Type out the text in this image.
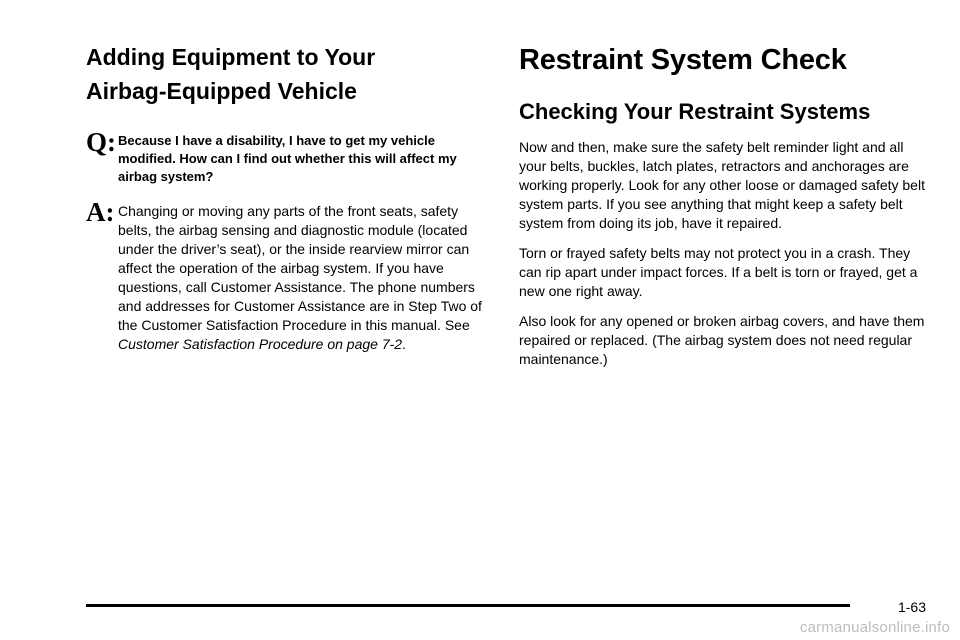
Adding Equipment to Your
Airbag-Equipped Vehicle
Q: Because I have a disability, I have to get my vehicle modified. How can I find out whether this will affect my airbag system?
A: Changing or moving any parts of the front seats, safety belts, the airbag sensing and diagnostic module (located under the driver’s seat), or the inside rearview mirror can affect the operation of the airbag system. If you have questions, call Customer Assistance. The phone numbers and addresses for Customer Assistance are in Step Two of the Customer Satisfaction Procedure in this manual. See Customer Satisfaction Procedure on page 7-2.
Restraint System Check
Checking Your Restraint Systems

Now and then, make sure the safety belt reminder light and all your belts, buckles, latch plates, retractors and anchorages are working properly. Look for any other loose or damaged safety belt system parts. If you see anything that might keep a safety belt system from doing its job, have it repaired.

Torn or frayed safety belts may not protect you in a crash. They can rip apart under impact forces. If a belt is torn or frayed, get a new one right away.

Also look for any opened or broken airbag covers, and have them repaired or replaced. (The airbag system does not need regular maintenance.)

1-63
carmanualsonline.info
